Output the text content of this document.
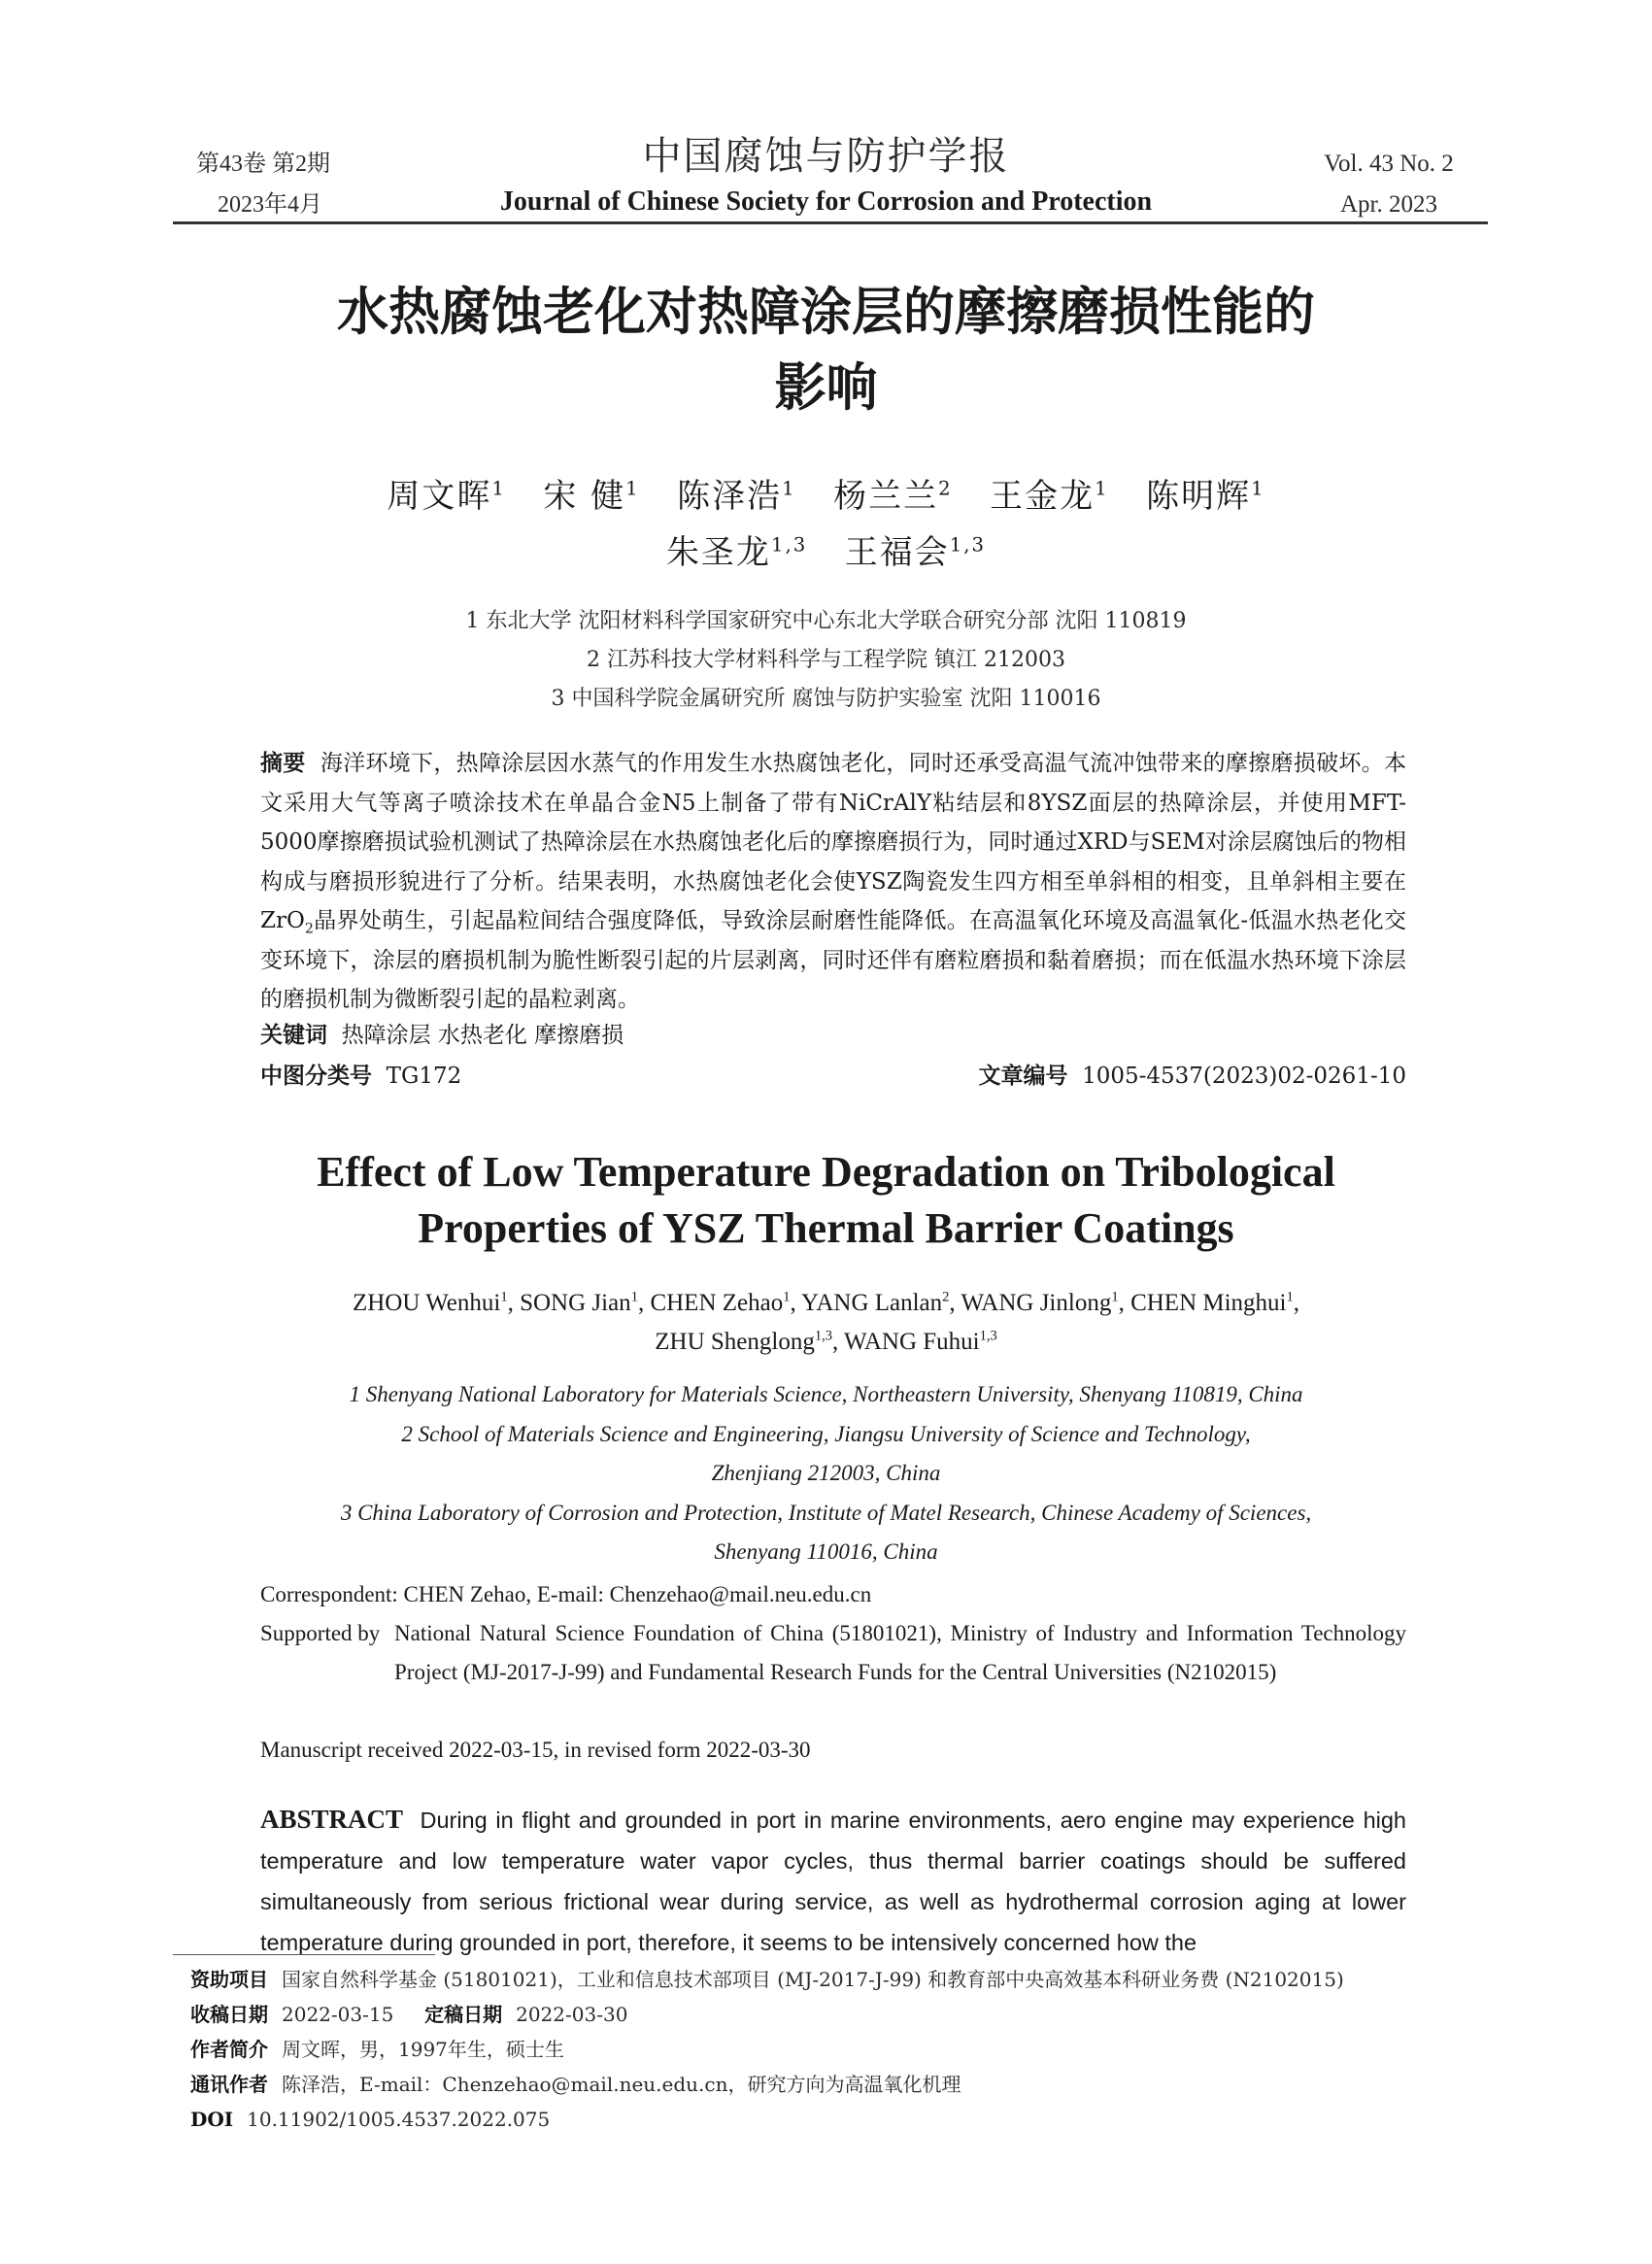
第43卷 第2期
2023年4月
中国腐蚀与防护学报
Journal of Chinese Society for Corrosion and Protection
Vol. 43 No. 2
Apr. 2023
水热腐蚀老化对热障涂层的摩擦磨损性能的
影响
周文晖$^1$ 宋 健$^1$ 陈泽浩$^1$ 杨兰兰$^2$ 王金龙$^1$ 陈明辉$^1$
朱圣龙$^{1,3}$ 王福会$^{1,3}$
1 东北大学 沈阳材料科学国家研究中心东北大学联合研究分部 沈阳 110819
2 江苏科技大学材料科学与工程学院 镇江 212003
3 中国科学院金属研究所 腐蚀与防护实验室 沈阳 110016
摘要 海洋环境下，热障涂层因水蒸气的作用发生水热腐蚀老化，同时还承受高温气流冲蚀带来的摩擦磨损破坏。本文采用大气等离子喷涂技术在单晶合金N5上制备了带有NiCrAlY粘结层和8YSZ面层的热障涂层，并使用MFT-5000摩擦磨损试验机测试了热障涂层在水热腐蚀老化后的摩擦磨损行为，同时通过XRD与SEM对涂层腐蚀后的物相构成与磨损形貌进行了分析。结果表明，水热腐蚀老化会使YSZ陶瓷发生四方相至单斜相的相变，且单斜相主要在ZrO$_2$晶界处萌生，引起晶粒间结合强度降低，导致涂层耐磨性能降低。在高温氧化环境及高温氧化-低温水热老化交变环境下，涂层的磨损机制为脆性断裂引起的片层剥离，同时还伴有磨粒磨损和黏着磨损；而在低温水热环境下涂层的磨损机制为微断裂引起的晶粒剥离。
关键词 热障涂层 水热老化 摩擦磨损
中图分类号 TG172	文章编号 1005-4537(2023)02-0261-10
Effect of Low Temperature Degradation on Tribological
Properties of YSZ Thermal Barrier Coatings
ZHOU Wenhui$^1$, SONG Jian$^1$, CHEN Zehao$^1$, YANG Lanlan$^2$, WANG Jinlong$^1$, CHEN Minghui$^1$,
ZHU Shenglong$^{1,3}$, WANG Fuhui$^{1,3}$
1 Shenyang National Laboratory for Materials Science, Northeastern University, Shenyang 110819, China
2 School of Materials Science and Engineering, Jiangsu University of Science and Technology,
Zhenjiang 212003, China
3 China Laboratory of Corrosion and Protection, Institute of Matel Research, Chinese Academy of Sciences,
Shenyang 110016, China
Correspondent: CHEN Zehao, E-mail: Chenzehao@mail.neu.edu.cn
Supported by National Natural Science Foundation of China (51801021), Ministry of Industry and Information Technology Project (MJ-2017-J-99) and Fundamental Research Funds for the Central Universities (N2102015)
Manuscript received 2022-03-15, in revised form 2022-03-30
ABSTRACT During in flight and grounded in port in marine environments, aero engine may experience high temperature and low temperature water vapor cycles, thus thermal barrier coatings should be suffered simultaneously from serious frictional wear during service, as well as hydrothermal corrosion aging at lower temperature during grounded in port, therefore, it seems to be intensively concerned how the
资助项目 国家自然科学基金 (51801021)，工业和信息技术部项目 (MJ-2017-J-99) 和教育部中央高效基本科研业务费 (N2102015)
收稿日期 2022-03-15 定稿日期 2022-03-30
作者简介 周文晖，男，1997年生，硕士生
通讯作者 陈泽浩，E-mail：Chenzehao@mail.neu.edu.cn，研究方向为高温氧化机理
DOI 10.11902/1005.4537.2022.075
